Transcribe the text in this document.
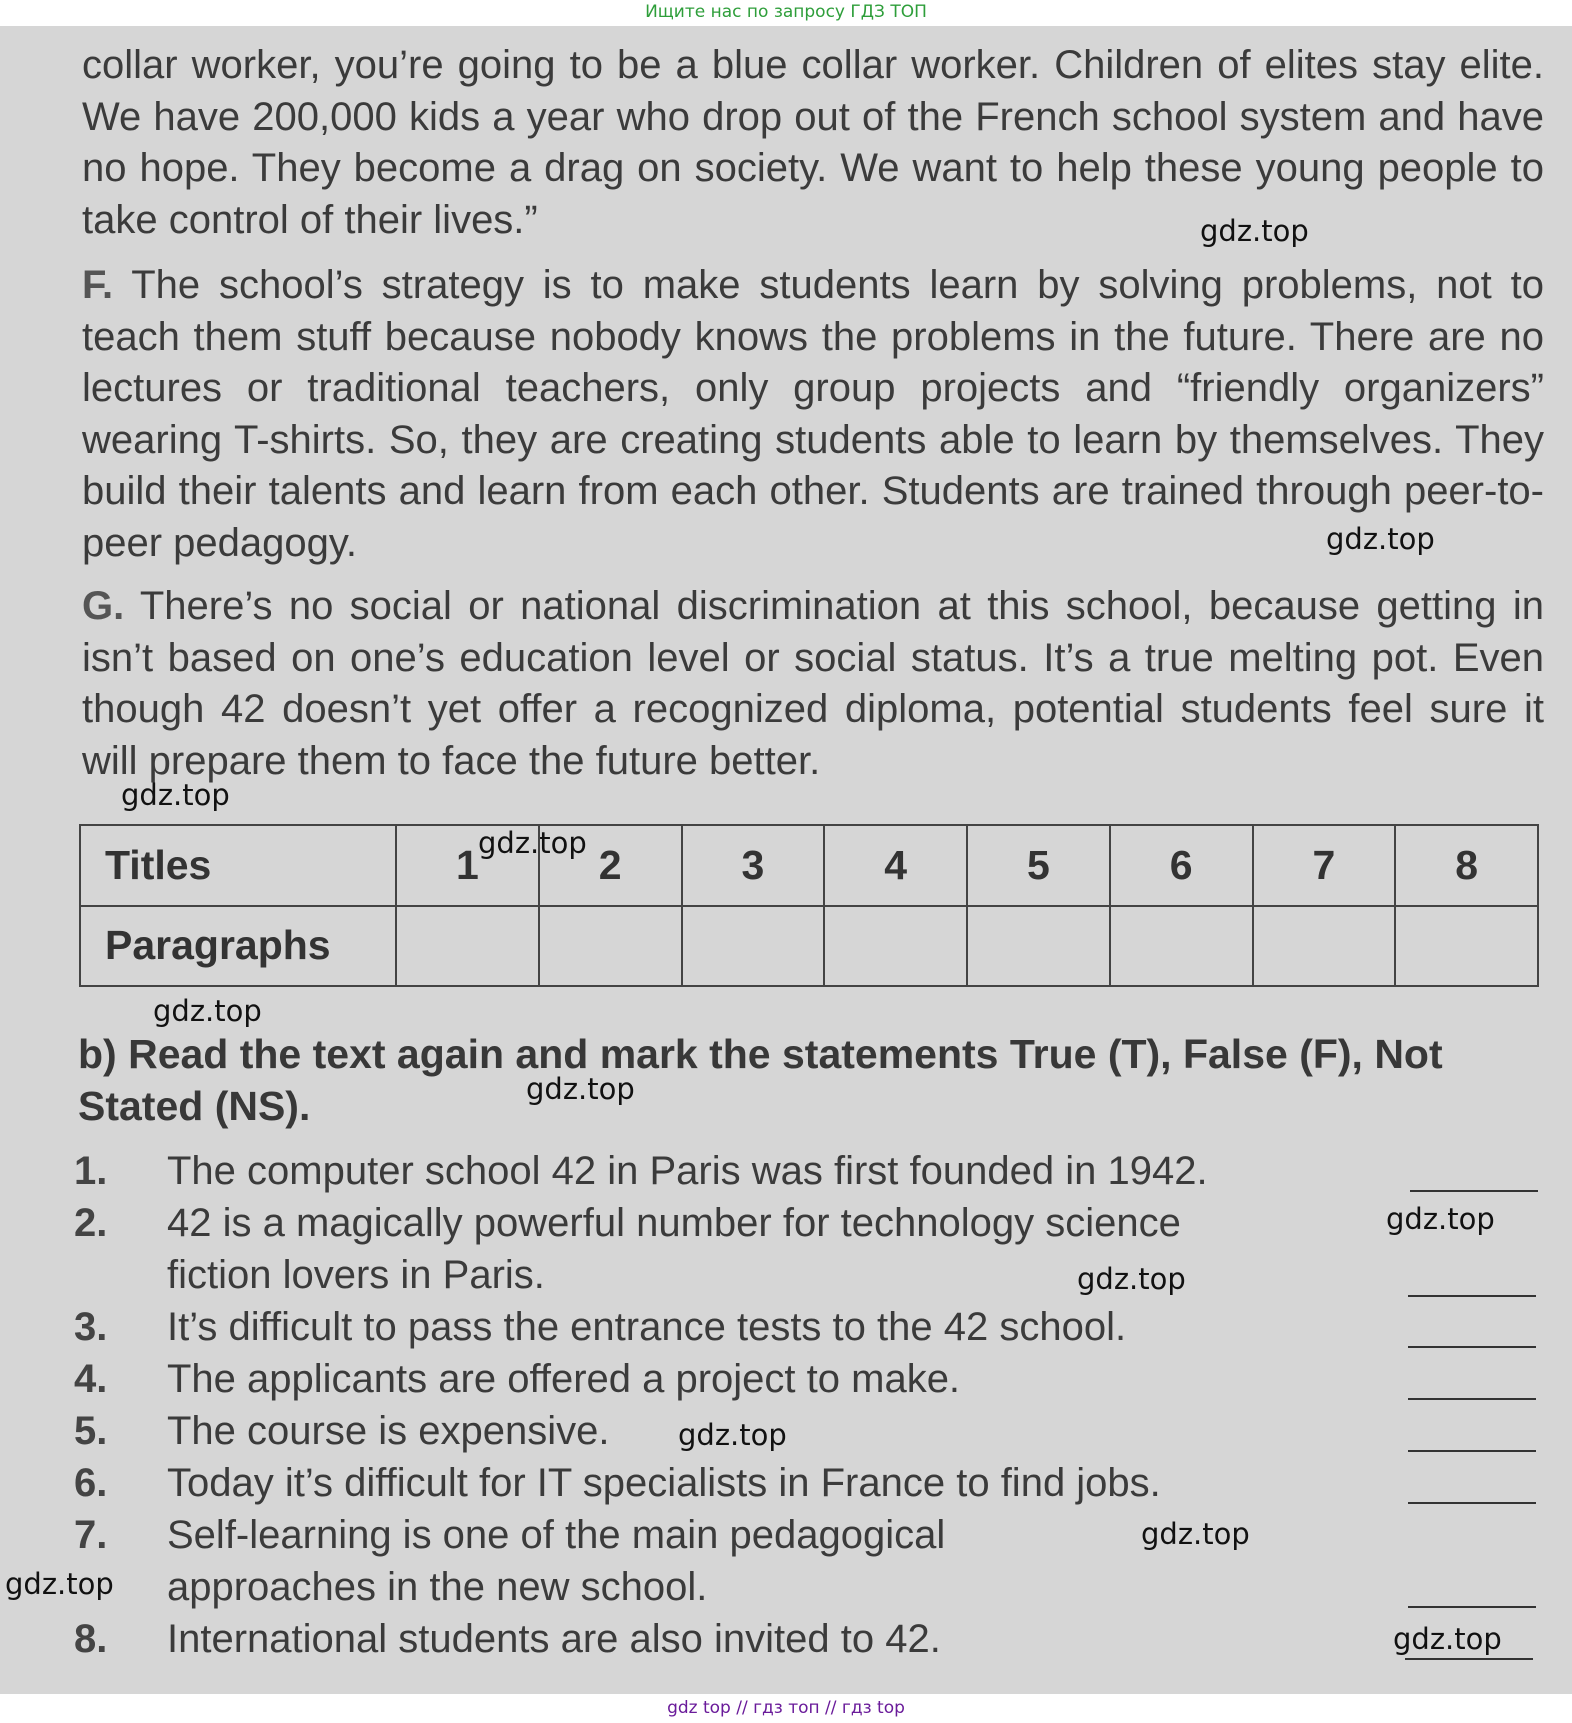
Ищите нас по запросу ГДЗ ТОП

collar worker, you’re going to be a blue collar worker. Children of elites stay elite. We have 200,000 kids a year who drop out of the French school system and have no hope. They become a drag on society. We want to help these young people to take control of their lives.”

F. The school’s strategy is to make students learn by solving problems, not to teach them stuff because nobody knows the problems in the future. There are no lectures or traditional teachers, only group projects and “friendly organizers” wearing T-shirts. So, they are creating students able to learn by themselves. They build their talents and learn from each other. Students are trained through peer-to-peer pedagogy.

G. There’s no social or national discrimination at this school, because getting in isn’t based on one’s education level or social status. It’s a true melting pot. Even though 42 doesn’t yet offer a recognized diploma, potential students feel sure it will prepare them to face the future better.

Titles	1	2	3	4	5	6	7	8
Paragraphs								

b) Read the text again and mark the statements True (T), False (F), Not Stated (NS).

1. The computer school 42 in Paris was first founded in 1942.
2. 42 is a magically powerful number for technology science fiction lovers in Paris.
3. It’s difficult to pass the entrance tests to the 42 school.
4. The applicants are offered a project to make.
5. The course is expensive.
6. Today it’s difficult for IT specialists in France to find jobs.
7. Self-learning is one of the main pedagogical approaches in the new school.
8. International students are also invited to 42.
gdz.top
gdz.top
gdz.top
gdz.top
gdz.top
gdz.top
gdz.top
gdz.top
gdz.top
gdz.top
gdz.top
gdz.top
gdz top // гдз топ // гдз top
